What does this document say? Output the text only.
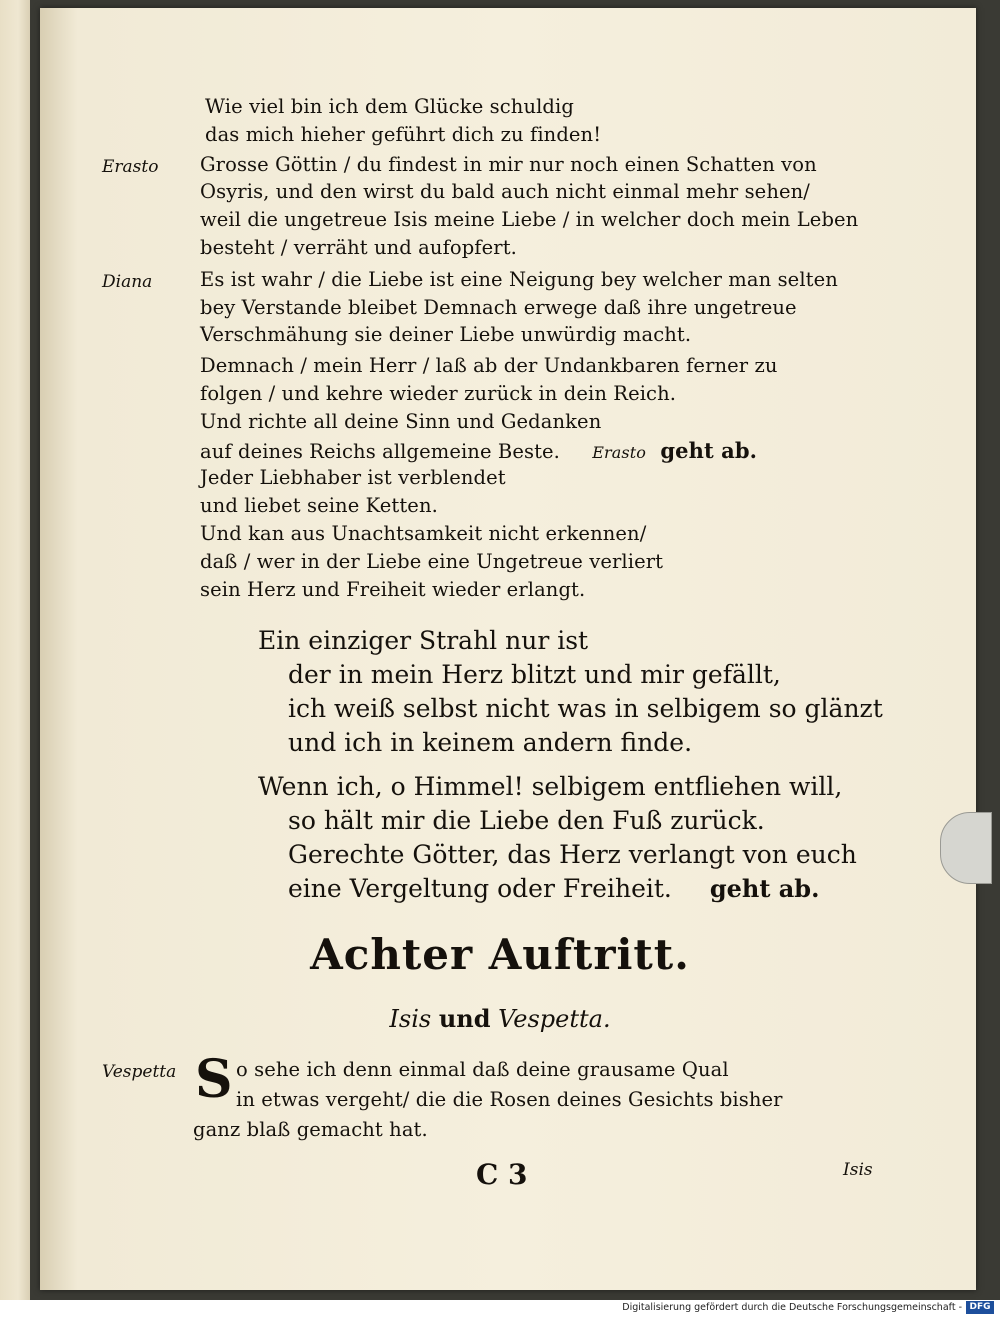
Erasto
Diana
Vespetta
Wie viel bin ich dem Glücke schuldig
das mich hieher geführt dich zu finden!
Grosse Göttin / du findest in mir nur noch einen Schatten von
Osyris, und den wirst du bald auch nicht einmal mehr sehen/
weil die ungetreue Isis meine Liebe / in welcher doch mein Leben
besteht / verräht und aufopfert.
Es ist wahr / die Liebe ist eine Neigung bey welcher man selten
bey Verstande bleibet Demnach erwege daß ihre ungetreue
Verschmähung sie deiner Liebe unwürdig macht.
Demnach / mein Herr / laß ab der Undankbaren ferner zu
folgen / und kehre wieder zurück in dein Reich.
Und richte all deine Sinn und Gedanken
auf deines Reichs allgemeine Beste. Erasto geht ab.
Jeder Liebhaber ist verblendet
und liebet seine Ketten.
Und kan aus Unachtsamkeit nicht erkennen/
daß / wer in der Liebe eine Ungetreue verliert
sein Herz und Freiheit wieder erlangt.
Ein einziger Strahl nur ist
der in mein Herz blitzt und mir gefällt,
ich weiß selbst nicht was in selbigem so glänzt
und ich in keinem andern finde.
Wenn ich, o Himmel! selbigem entfliehen will,
so hält mir die Liebe den Fuß zurück.
Gerechte Götter, das Herz verlangt von euch
eine Vergeltung oder Freiheit. geht ab.
Achter Auftritt.
Isis und Vespetta.
S o sehe ich denn einmal daß deine grausame Qual
in etwas vergeht/ die die Rosen deines Gesichts bisher
ganz blaß gemacht hat.
C 3	Isis
Digitalisierung gefördert durch die Deutsche Forschungsgemeinschaft - DFG
